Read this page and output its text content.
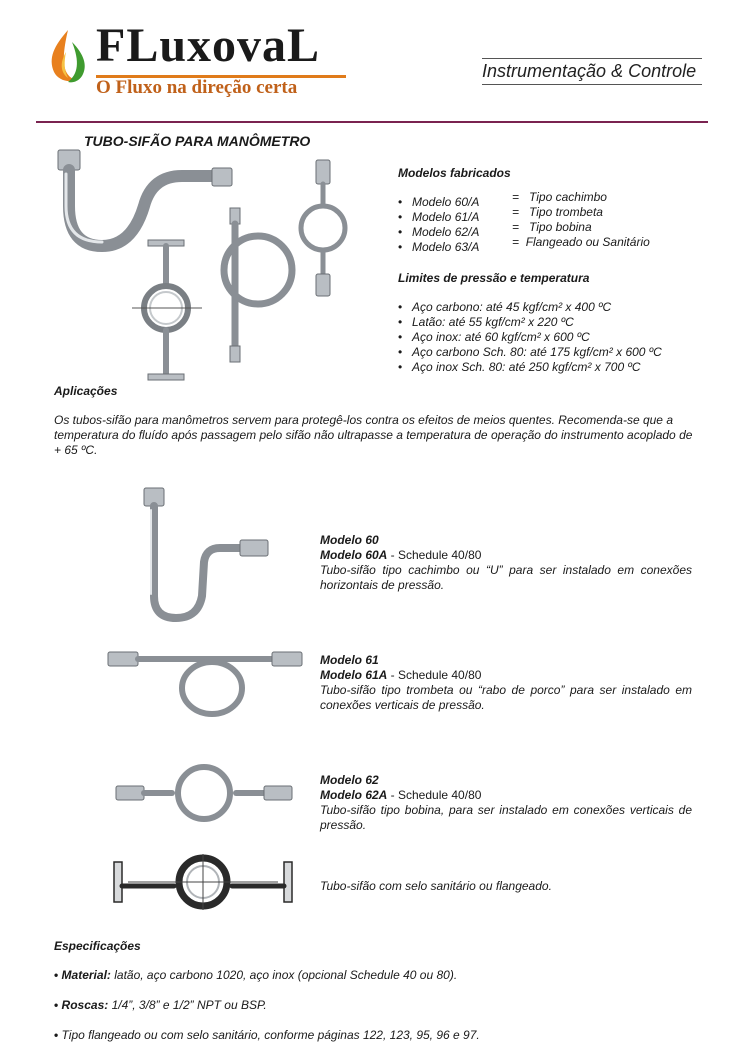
FLuxovaL
O Fluxo na direção certa
Instrumentação & Controle
TUBO-SIFÃO PARA MANÔMETRO
Modelos fabricados
• Modelo 60/A
• Modelo 61/A
• Modelo 62/A
• Modelo 63/A
= Tipo cachimbo
= Tipo trombeta
= Tipo bobina
= Flangeado ou Sanitário
Limites de pressão e temperatura
• Aço carbono: até 45 kgf/cm² x 400 ºC
• Latão: até 55 kgf/cm² x 220 ºC
• Aço inox: até 60 kgf/cm² x 600 ºC
• Aço carbono Sch. 80: até 175 kgf/cm² x 600 ºC
• Aço inox Sch. 80: até 250 kgf/cm² x 700 ºC
Aplicações

Os tubos-sifão para manômetros servem para protegê-los contra os efeitos de meios quentes. Recomenda-se que a temperatura do fluído após passagem pelo sifão não ultrapasse a temperatura de operação do instrumento acoplado de + 65 ºC.

Modelo 60
Modelo 60A - Schedule 40/80
Tubo-sifão tipo cachimbo ou “U” para ser instalado em conexões horizontais de pressão.
Modelo 61
Modelo 61A - Schedule 40/80
Tubo-sifão tipo trombeta ou “rabo de porco” para ser instalado em conexões verticais de pressão.
Modelo 62
Modelo 62A - Schedule 40/80
Tubo-sifão tipo bobina, para ser instalado em conexões verticais de pressão.
Tubo-sifão com selo sanitário ou flangeado.
Especificações
• Material: latão, aço carbono 1020, aço inox (opcional Schedule 40 ou 80).
• Roscas: 1/4”, 3/8” e 1/2” NPT ou BSP.
• Tipo flangeado ou com selo sanitário, conforme páginas 122, 123, 95, 96 e 97.
